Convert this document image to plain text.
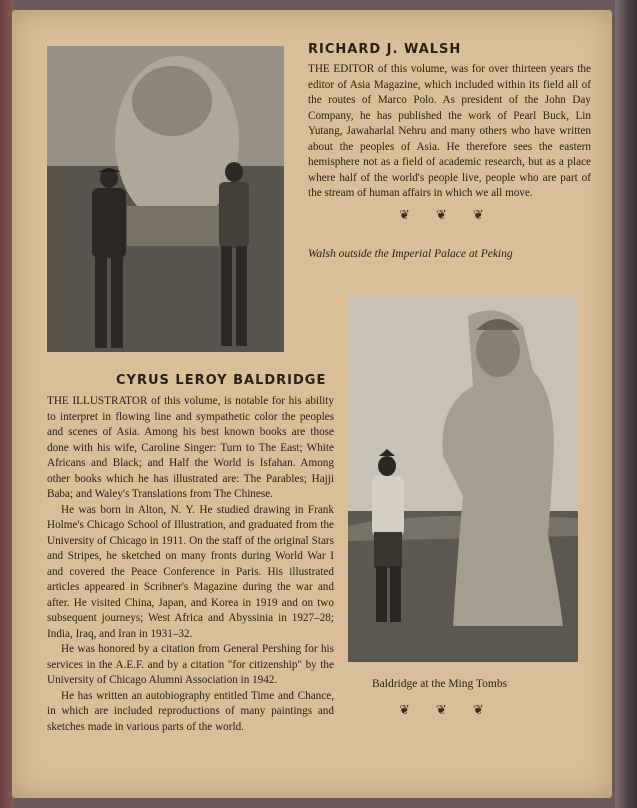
RICHARD J. WALSH

THE EDITOR of this volume, was for over thirteen years the editor of Asia Magazine, which included within its field all of the routes of Marco Polo. As president of the John Day Company, he has published the work of Pearl Buck, Lin Yutang, Jawaharlal Nehru and many others who have written about the peoples of Asia. He therefore sees the eastern hemisphere not as a field of academic research, but as a place where half of the world's people live, people who are part of the stream of human affairs in which we all move.

❦ ❦ ❦
Walsh outside the Imperial Palace at Peking
CYRUS LEROY BALDRIDGE

THE ILLUSTRATOR of this volume, is notable for his ability to interpret in flowing line and sympathetic color the peoples and scenes of Asia. Among his best known books are those done with his wife, Caroline Singer: Turn to The East; White Africans and Black; and Half the World is Isfahan. Among other books which he has illustrated are: The Parables; Hajji Baba; and Waley's Translations from The Chinese.

He was born in Alton, N. Y. He studied drawing in Frank Holme's Chicago School of Illustration, and graduated from the University of Chicago in 1911. On the staff of the original Stars and Stripes, he sketched on many fronts during World War I and covered the Peace Conference in Paris. His illustrated articles appeared in Scribner's Magazine during the war and after. He visited China, Japan, and Korea in 1919 and on two subsequent journeys; West Africa and Abyssinia in 1927–28; India, Iraq, and Iran in 1931–32.

He was honored by a citation from General Pershing for his services in the A.E.F. and by a citation "for citizenship" by the University of Chicago Alumni Association in 1942.

He has written an autobiography entitled Time and Chance, in which are included reproductions of many paintings and sketches made in various parts of the world.

Baldridge at the Ming Tombs
❦ ❦ ❦
